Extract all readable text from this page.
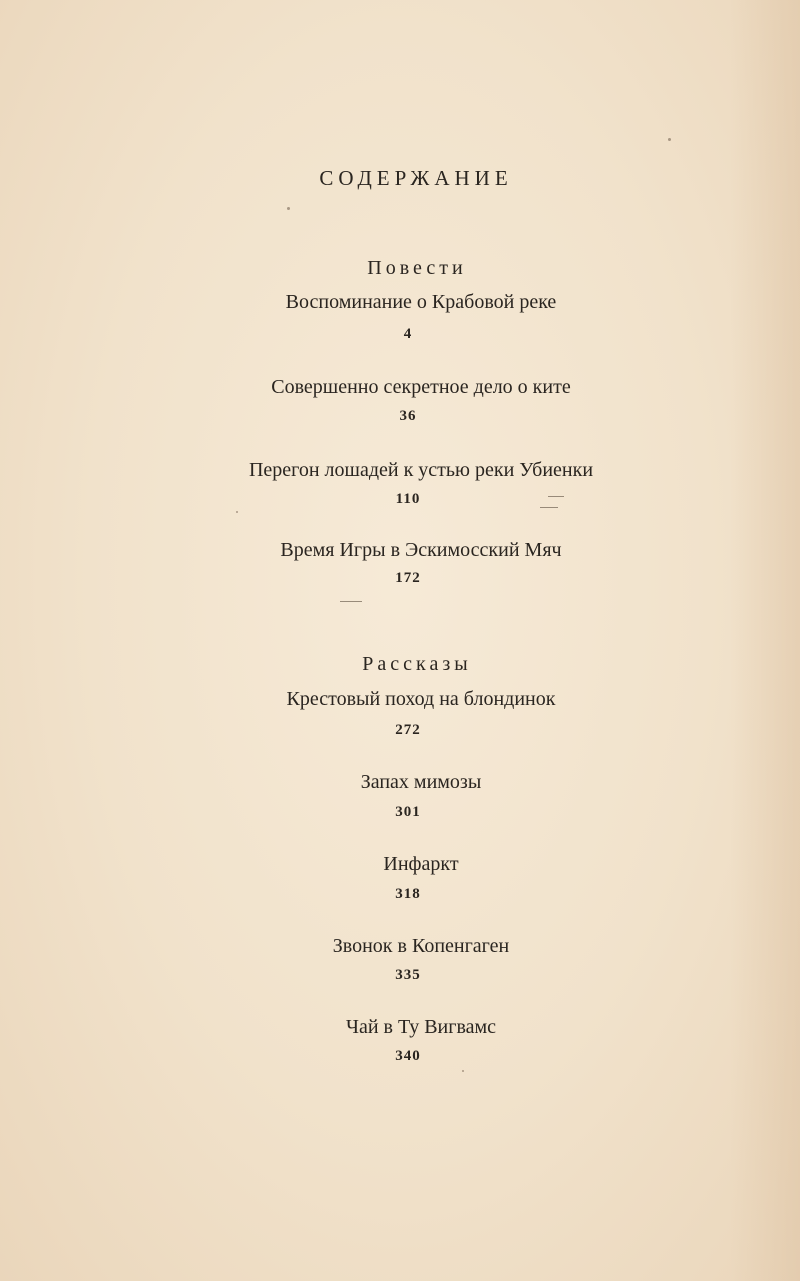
СОДЕРЖАНИЕ
Повести
Воспоминание о Крабовой реке
4
Совершенно секретное дело о ките
36
Перегон лошадей к устью реки Убиенки
110
Время Игры в Эскимосский Мяч
172
Рассказы
Крестовый поход на блондинок
272
Запах мимозы
301
Инфаркт
318
Звонок в Копенгаген
335
Чай в Ту Вигвамс
340
